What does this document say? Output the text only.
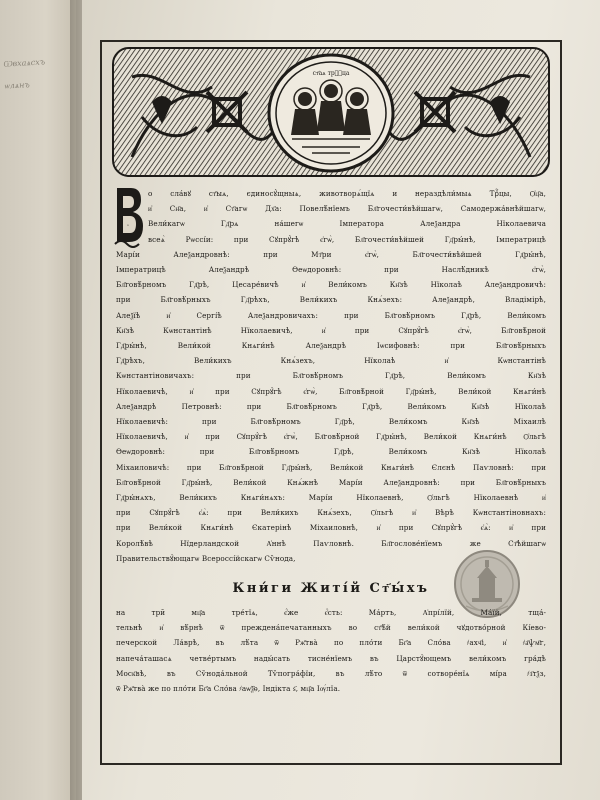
Ѡвхаѧсхъ
ѡлѧнъ
ст҃аѧ трⷪ҇ца
В
о сла́вꙋ ст҃ыѧ, єдиносꙋ́щныѧ, животворѧ́щїѧ и нераздѣли́мыѧ Трⷪ҇цы, Ѻ҆ц҃а,
и҆ Сн҃а, и҆ Ст҃агѡ Дх҃а: Повелѣ́нїемъ Бл҃гочести́вѣйшагѡ, Самодержа́внѣйшагѡ,
Вели́кагѡ Гд҃рѧ на́шегѡ Імператора Алеѯандра Нїколаевича
всеѧ̀ Рѡссі́и: при Сꙋпрꙋ́гѣ є҆гѡ̀, Бл҃гочести́вѣйшей Гд҃ры́нѣ, Імператрицѣ
Марі́и Алеѯандровнѣ: при Мт҃ри є҆гѡ̀, Бл҃гочести́вѣйшей Гд҃ры́нѣ,
Імператрицѣ Алеѯандрѣ Ѳеѡдоровнѣ: при Наслѣ́дникѣ є҆гѡ̀,
Бл҃говѣ́рномъ Гд҃рѣ, Цесаре́вичѣ и҆ Вели́комъ Кн҃зѣ Нїколаѣ Алеѯандровичѣ:
при Бл҃говѣ́рныхъ Гд҃рѣхъ, Вели́кихъ Кнѧ́зехъ: Алеѯандрѣ, Владімірѣ,
Алеѯїѣ и҆ Сергі́ѣ Алеѯандровичахъ: при Бл҃говѣ́рномъ Гд҃рѣ, Вели́комъ
Кн҃зѣ Кѡнстантінѣ Нїколаевичѣ, и҆ при Сꙋпрꙋ́гѣ є҆гѡ̀, Бл҃говѣ́рной
Гд҃ры́нѣ, Вели́кой Кнѧги́нѣ Алеѯандрѣ Іѡсифовнѣ: при Бл҃говѣ́рныхъ
Гд҃рѣхъ, Вели́кихъ Кнѧ́зехъ, Нїколаѣ и҆ Кѡнстантінѣ
Кѡнстантіновичахъ: при Бл҃говѣ́рномъ Гд҃рѣ, Вели́комъ Кн҃зѣ
Нїколаевичѣ, и҆ при Сꙋпрꙋ́гѣ є҆гѡ̀, Бл҃говѣ́рной Гд҃ры́нѣ, Вели́кой Кнѧги́нѣ
Алеѯандрѣ Петровнѣ: при Бл҃говѣ́рномъ Гд҃рѣ, Вели́комъ Кн҃зѣ Нїколаѣ
Нїколаевичѣ: при Бл҃говѣ́рномъ Гд҃рѣ, Вели́комъ Кн҃зѣ Міхаилѣ
Нїколаевичѣ, и҆ при Сꙋпрꙋ́гѣ є҆гѡ̀, Бл҃говѣ́рной Гд҃ры́нѣ, Вели́кой Кнѧги́нѣ Ѻ҆льгѣ
Ѳеѡдоровнѣ: при Бл҃говѣ́рномъ Гд҃рѣ, Вели́комъ Кн҃зѣ Нїколаѣ
Міхаиловичѣ: при Бл҃говѣ́рной Гд҃ры́нѣ, Вели́кой Кнѧги́нѣ Єлєнѣ Паѵловнѣ: при
Бл҃говѣ́рной Гд҃ры́нѣ, Вели́кой Кнѧ́жнѣ Марі́и Алеѯандровнѣ: при Бл҃говѣ́рныхъ
Гд҃ры́нѧхъ, Вели́кихъ Кнѧги́нѧхъ: Марі́и Нїколаевнѣ, Ѻ҆льгѣ Нїколаевнѣ и҆
при Сꙋпрꙋ́гѣ є҆ѧ̀: при Вели́кихъ Кнѧ́зехъ, Ѻ҆льгѣ и҆ Вѣрѣ Кѡнстантіновнахъ:
при Вели́кой Кнѧги́нѣ Єкатерінѣ Міхаиловнѣ, и҆ при Сꙋпрꙋ́гѣ є҆ѧ̀: и҆ при
Королѣ́вѣ Нїдерландской А҆ннѣ Паѵловнѣ. Бл҃гослове́нїемъ же Ст҃ѣйшагѡ
Правительствꙋ́ющагѡ Всероссі́йскагѡ Сѷнода,
Кни́ги Житі́й Ст҃ы́хъ
на три̑ мц҃а тре́тїѧ, є҆́же є҆́сть: Ма́ртъ, А҆прі́лїй, Ма́їй, тща́-
тельнѣ и҆ вѣ́рнѣ ѿ преждена́печатанныхъ во ст҃ѣ́й вели́кой чꙋдотво́рной Кі́ево-
печерской Ла́врѣ, въ лѣ́та ѿ Рж҃тва̀ по пло́ти Бг҃а Сло́ва ҂ахч҃і, и҆ ҂а҃ѱм҃г,
напеча́ташасѧ четве́ртымъ нады́сать тисне́нїемъ въ Царстꙋ́ющемъ вели́комъ гра́дѣ
Моск҃вѣ, въ Сѷнода́льной Тѷпогра́фїи, въ лѣ́то ѿ сотворе́нїѧ мі́ра ҂з҃тѯз,
ѿ Рж҃тва̀ же по пло́ти Бг҃а Сло́ва ҂аѡѯ҃ѳ, Індікта ѕ҃, мц҃а Іѹ́лїа.
